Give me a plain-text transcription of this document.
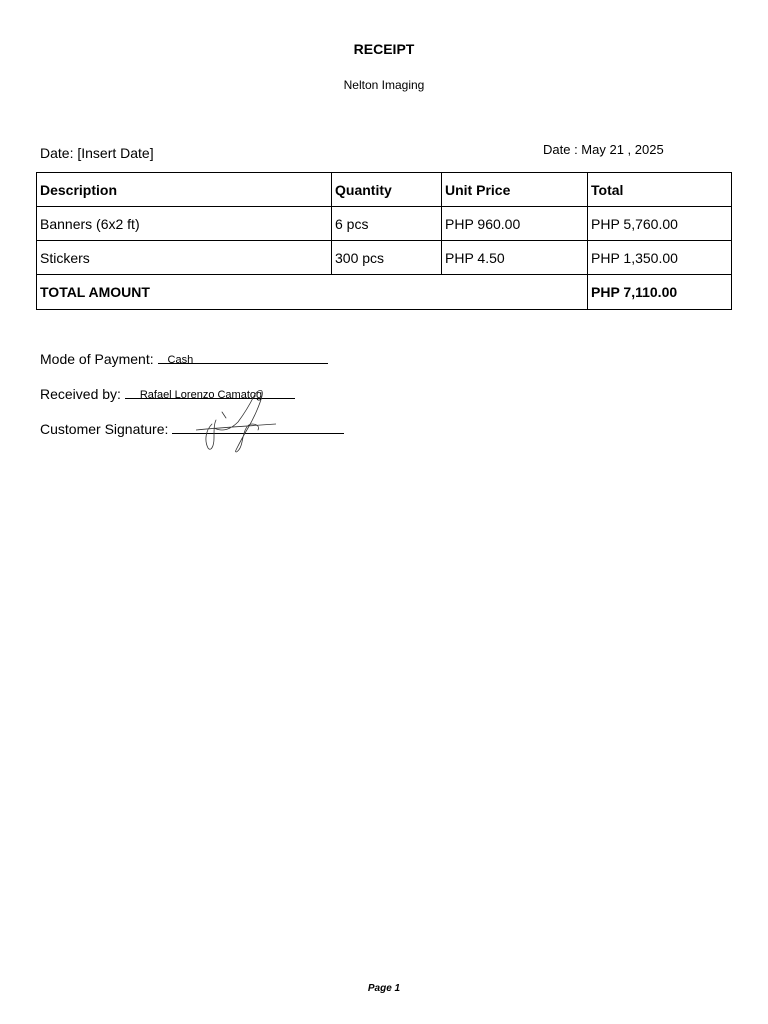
RECEIPT
Nelton Imaging
Date: [Insert Date]	Date : May 21 , 2025
Description	Quantity	Unit Price	Total
Banners (6x2 ft)	6 pcs	PHP 960.00	PHP 5,760.00
Stickers	300 pcs	PHP 4.50	PHP 1,350.00
TOTAL AMOUNT			PHP 7,110.00
Mode of Payment: Cash
Received by: Rafael Lorenzo Camatog
Customer Signature:
Page 1
